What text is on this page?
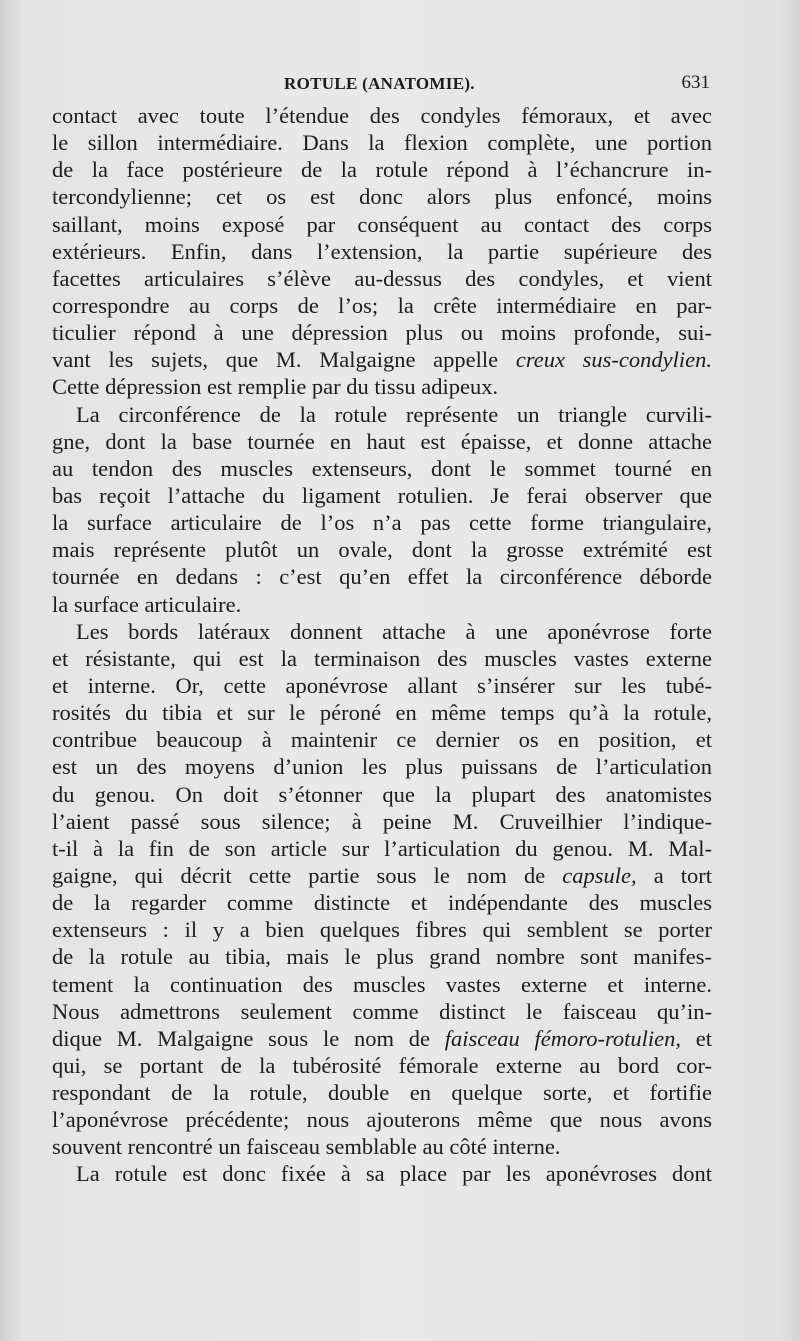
ROTULE (ANATOMIE).	631
contact avec toute l’étendue des condyles fémoraux, et avec
le sillon intermédiaire. Dans la flexion complète, une portion
de la face postérieure de la rotule répond à l’échancrure in-
tercondylienne; cet os est donc alors plus enfoncé, moins
saillant, moins exposé par conséquent au contact des corps
extérieurs. Enfin, dans l’extension, la partie supérieure des
facettes articulaires s’élève au-dessus des condyles, et vient
correspondre au corps de l’os; la crête intermédiaire en par-
ticulier répond à une dépression plus ou moins profonde, sui-
vant les sujets, que M. Malgaigne appelle creux sus-condylien.
Cette dépression est remplie par du tissu adipeux.
La circonférence de la rotule représente un triangle curvili-
gne, dont la base tournée en haut est épaisse, et donne attache
au tendon des muscles extenseurs, dont le sommet tourné en
bas reçoit l’attache du ligament rotulien. Je ferai observer que
la surface articulaire de l’os n’a pas cette forme triangulaire,
mais représente plutôt un ovale, dont la grosse extrémité est
tournée en dedans : c’est qu’en effet la circonférence déborde
la surface articulaire.
Les bords latéraux donnent attache à une aponévrose forte
et résistante, qui est la terminaison des muscles vastes externe
et interne. Or, cette aponévrose allant s’insérer sur les tubé-
rosités du tibia et sur le péroné en même temps qu’à la rotule,
contribue beaucoup à maintenir ce dernier os en position, et
est un des moyens d’union les plus puissans de l’articulation
du genou. On doit s’étonner que la plupart des anatomistes
l’aient passé sous silence; à peine M. Cruveilhier l’indique-
t-il à la fin de son article sur l’articulation du genou. M. Mal-
gaigne, qui décrit cette partie sous le nom de capsule, a tort
de la regarder comme distincte et indépendante des muscles
extenseurs : il y a bien quelques fibres qui semblent se porter
de la rotule au tibia, mais le plus grand nombre sont manifes-
tement la continuation des muscles vastes externe et interne.
Nous admettrons seulement comme distinct le faisceau qu’in-
dique M. Malgaigne sous le nom de faisceau fémoro-rotulien, et
qui, se portant de la tubérosité fémorale externe au bord cor-
respondant de la rotule, double en quelque sorte, et fortifie
l’aponévrose précédente; nous ajouterons même que nous avons
souvent rencontré un faisceau semblable au côté interne.
La rotule est donc fixée à sa place par les aponévroses dont
